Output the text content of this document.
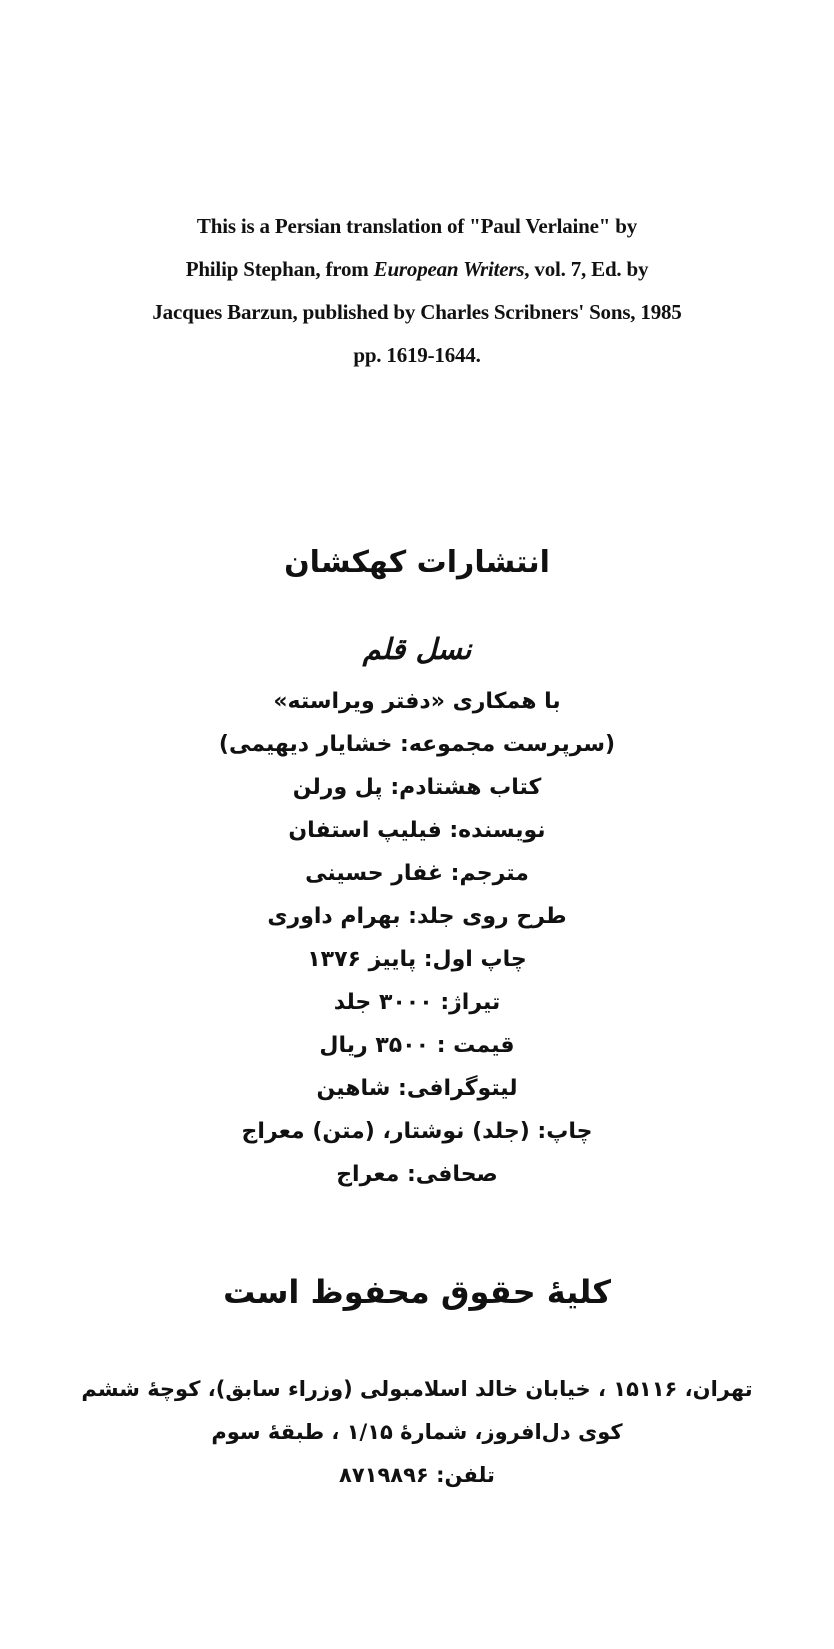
This is a Persian translation of "Paul Verlaine" by
Philip Stephan, from European Writers, vol. 7, Ed. by
Jacques Barzun, published by Charles Scribners' Sons, 1985
pp. 1619-1644.
انتشارات کهکشان
نسل قلم
با همکاری «دفتر ویراسته»
(سرپرست مجموعه: خشایار دیهیمی)
کتاب هشتادم: پل ورلن
نویسنده: فیلیپ استفان
مترجم: غفار حسینی
طرح روی جلد: بهرام داوری
چاپ اول: پاییز ۱۳۷۶
تیراژ: ۳۰۰۰ جلد
قیمت : ۳۵۰۰ ریال
لیتوگرافی: شاهین
چاپ: (جلد) نوشتار، (متن) معراج
صحافی: معراج
کلیهٔ حقوق محفوظ است
تهران، ۱۵۱۱۶ ، خیابان خالد اسلامبولی (وزراء سابق)، کوچهٔ ششم
کوی دل‌افروز، شمارهٔ ۱/۱۵ ، طبقهٔ سوم
تلفن: ۸۷۱۹۸۹۶
